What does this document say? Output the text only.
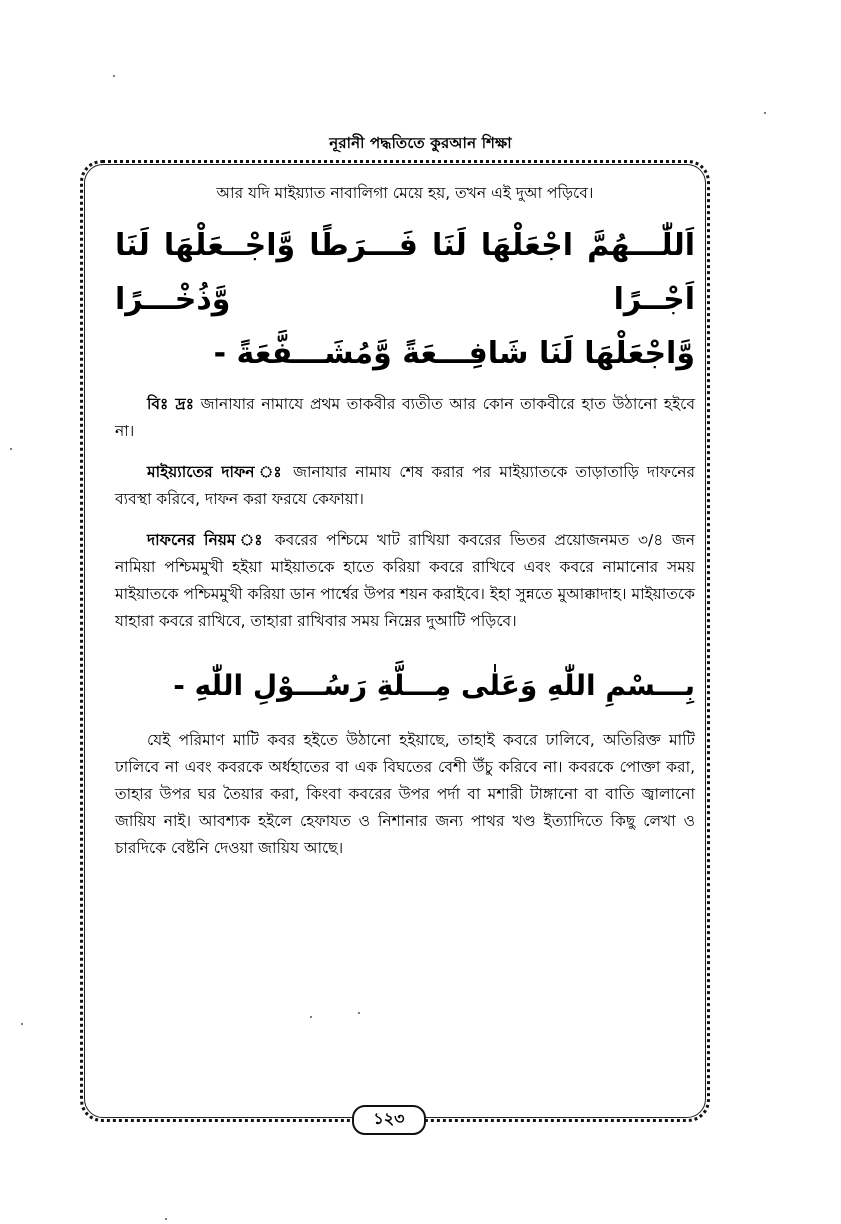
নূরানী পদ্ধতিতে কুরআন শিক্ষা

আর যদি মাইয়্যাত নাবালিগা মেয়ে হয়, তখন এই দুআ পড়িবে।

اَللّٰـــهُمَّ اجْعَلْهَا لَنَا فَـــرَطًا وَّاجْــعَلْهَا لَنَا اَجْــرًا وَّذُخْـــرًا

وَّاجْعَلْهَا لَنَا شَافِـــعَةً وَّمُشَـــفَّعَةً -

বিঃ দ্রঃ জানাযার নামাযে প্রথম তাকবীর ব্যতীত আর কোন তাকবীরে হাত উঠানো হইবে না।

মাইয়্যাতের দাফন ঃ জানাযার নামায শেষ করার পর মাইয়্যাতকে তাড়াতাড়ি দাফনের ব্যবস্থা করিবে, দাফন করা ফরযে কেফায়া।

দাফনের নিয়ম ঃ কবরের পশ্চিমে খাট রাখিয়া কবরের ভিতর প্রয়োজনমত ৩/৪ জন নামিয়া পশ্চিমমুখী হইয়া মাইয়াতকে হাতে করিয়া কবরে রাখিবে এবং কবরে নামানোর সময় মাইয়াতকে পশ্চিমমুখী করিয়া ডান পার্শ্বের উপর শয়ন করাইবে। ইহা সুন্নতে মুআক্কাদাহ। মাইয়াতকে যাহারা কবরে রাখিবে, তাহারা রাখিবার সময় নিম্নের দুআটি পড়িবে।

بِـــسْمِ اللّٰهِ وَعَلٰى مِـــلَّةِ رَسُـــوْلِ اللّٰهِ -

যেই পরিমাণ মাটি কবর হইতে উঠানো হইয়াছে, তাহাই কবরে ঢালিবে, অতিরিক্ত মাটি ঢালিবে না এবং কবরকে অর্ধহাতের বা এক বিঘতের বেশী উঁচু করিবে না। কবরকে পোক্তা করা, তাহার উপর ঘর তৈয়ার করা, কিংবা কবরের উপর পর্দা বা মশারী টাঙ্গানো বা বাতি জ্বালানো জায়িয নাই। আবশ্যক হইলে হেফাযত ও নিশানার জন্য পাথর খণ্ড ইত্যাদিতে কিছু লেখা ও চারদিকে বেষ্টনি দেওয়া জায়িয আছে।

১২৩
